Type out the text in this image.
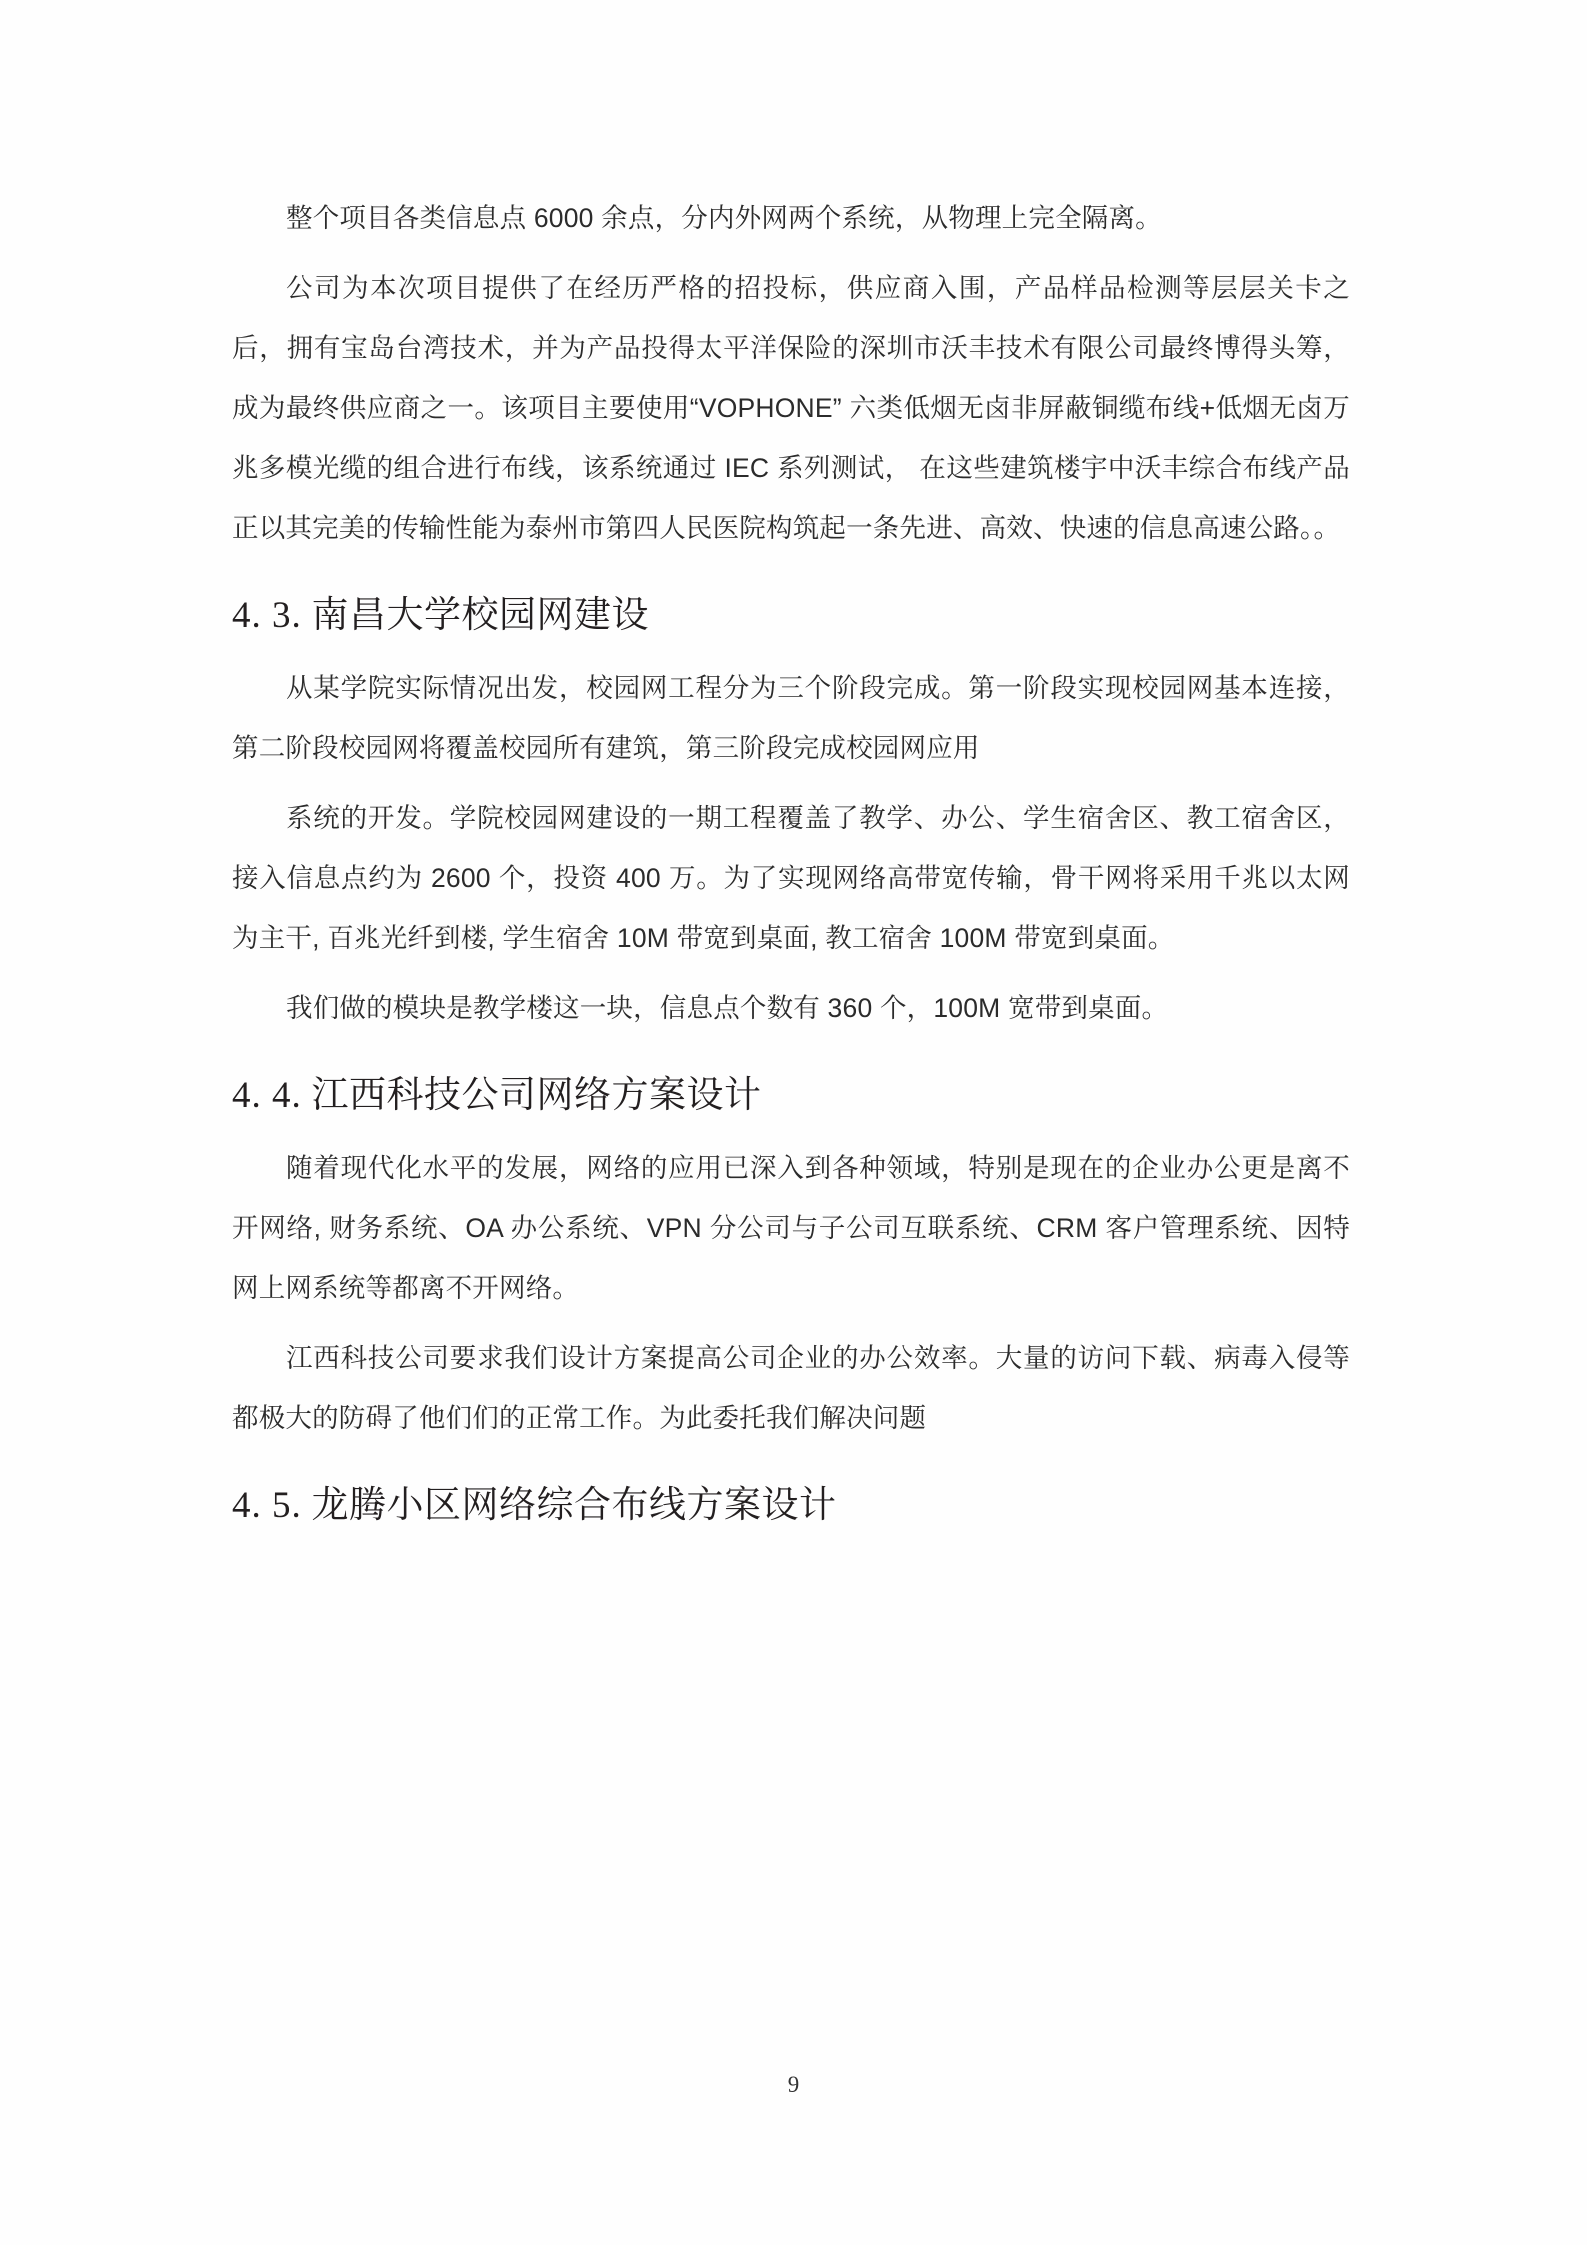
整个项目各类信息点 6000 余点，分内外网两个系统，从物理上完全隔离。

公司为本次项目提供了在经历严格的招投标，供应商入围，产品样品检测等层层关卡之后，拥有宝岛台湾技术，并为产品投得太平洋保险的深圳市沃丰技术有限公司最终博得头筹，成为最终供应商之一。该项目主要使用“VOPHONE” 六类低烟无卤非屏蔽铜缆布线+低烟无卤万兆多模光缆的组合进行布线，该系统通过 IEC 系列测试， 在这些建筑楼宇中沃丰综合布线产品正以其完美的传输性能为泰州市第四人民医院构筑起一条先进、高效、快速的信息高速公路。。

4. 3. 南昌大学校园网建设

从某学院实际情况出发，校园网工程分为三个阶段完成。第一阶段实现校园网基本连接，第二阶段校园网将覆盖校园所有建筑，第三阶段完成校园网应用

系统的开发。学院校园网建设的一期工程覆盖了教学、办公、学生宿舍区、教工宿舍区，接入信息点约为 2600 个，投资 400 万。为了实现网络高带宽传输，骨干网将采用千兆以太网为主干, 百兆光纤到楼, 学生宿舍 10M 带宽到桌面, 教工宿舍 100M 带宽到桌面。

我们做的模块是教学楼这一块，信息点个数有 360 个，100M 宽带到桌面。

4. 4. 江西科技公司网络方案设计

随着现代化水平的发展，网络的应用已深入到各种领域，特别是现在的企业办公更是离不开网络, 财务系统、OA 办公系统、VPN 分公司与子公司互联系统、CRM 客户管理系统、因特网上网系统等都离不开网络。

江西科技公司要求我们设计方案提高公司企业的办公效率。大量的访问下载、病毒入侵等都极大的防碍了他们们的正常工作。为此委托我们解决问题

4. 5. 龙腾小区网络综合布线方案设计
9
